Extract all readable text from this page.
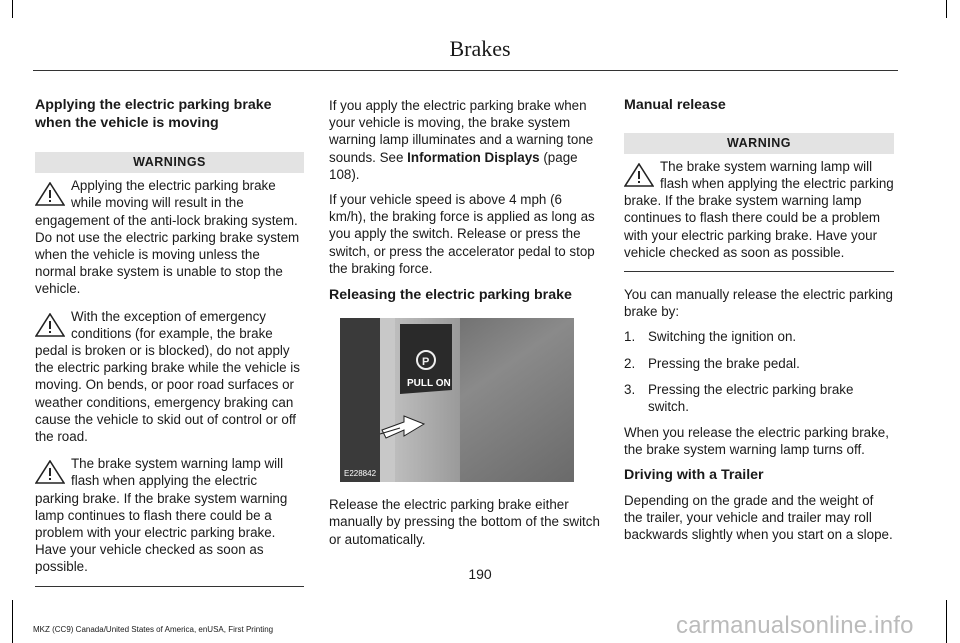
Brakes
Applying the electric parking brake when the vehicle is moving
WARNINGS
Applying the electric parking brake while moving will result in the engagement of the anti-lock braking system. Do not use the electric parking brake system when the vehicle is moving unless the normal brake system is unable to stop the vehicle.
With the exception of emergency conditions (for example, the brake pedal is broken or is blocked), do not apply the electric parking brake while the vehicle is moving. On bends, or poor road surfaces or weather conditions, emergency braking can cause the vehicle to skid out of control or off the road.
The brake system warning lamp will flash when applying the electric parking brake. If the brake system warning lamp continues to flash there could be a problem with your electric parking brake. Have your vehicle checked as soon as possible.

If you apply the electric parking brake when your vehicle is moving, the brake system warning lamp illuminates and a warning tone sounds. See Information Displays (page 108).

If your vehicle speed is above 4 mph (6 km/h), the braking force is applied as long as you apply the switch. Release or press the switch, or press the accelerator pedal to stop the braking force.

Releasing the electric parking brake
P
PULL ON
E228842

Release the electric parking brake either manually by pressing the bottom of the switch or automatically.

Manual release
WARNING
The brake system warning lamp will flash when applying the electric parking brake. If the brake system warning lamp continues to flash there could be a problem with your electric parking brake. Have your vehicle checked as soon as possible.

You can manually release the electric parking brake by:

1. Switching the ignition on.
2. Pressing the brake pedal.
3. Pressing the electric parking brake switch.

When you release the electric parking brake, the brake system warning lamp turns off.

Driving with a Trailer

Depending on the grade and the weight of the trailer, your vehicle and trailer may roll backwards slightly when you start on a slope.

190
MKZ (CC9) Canada/United States of America, enUSA, First Printing	carmanualsonline.info
